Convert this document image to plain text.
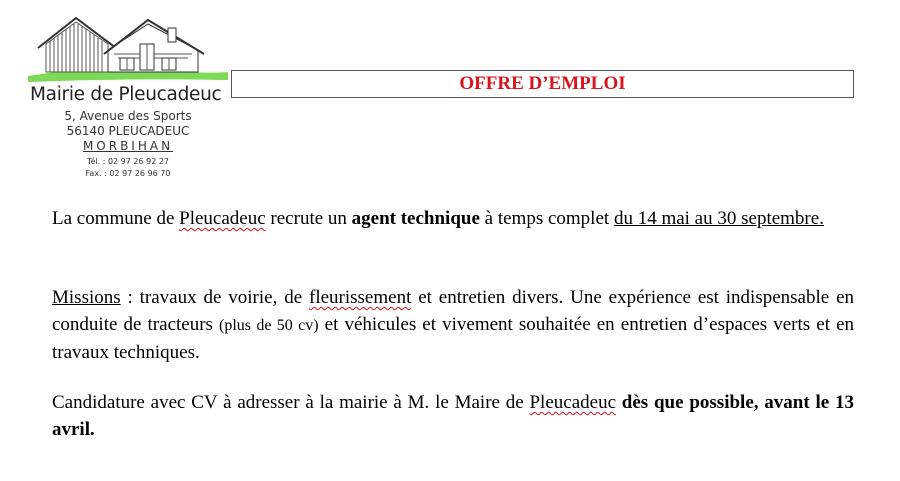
Mairie de Pleucadeuc
5, Avenue des Sports
56140 PLEUCADEUC
MORBIHAN
Tél. : 02 97 26 92 27
Fax. : 02 97 26 96 70
OFFRE D’EMPLOI
La commune de Pleucadeuc recrute un agent technique à temps complet du 14 mai au 30 septembre.
Missions : travaux de voirie, de fleurissement et entretien divers. Une expérience est indispensable en conduite de tracteurs (plus de 50 cv) et véhicules et vivement souhaitée en entretien d’espaces verts et en travaux techniques.
Candidature avec CV à adresser à la mairie à M. le Maire de Pleucadeuc dès que possible, avant le 13 avril.
